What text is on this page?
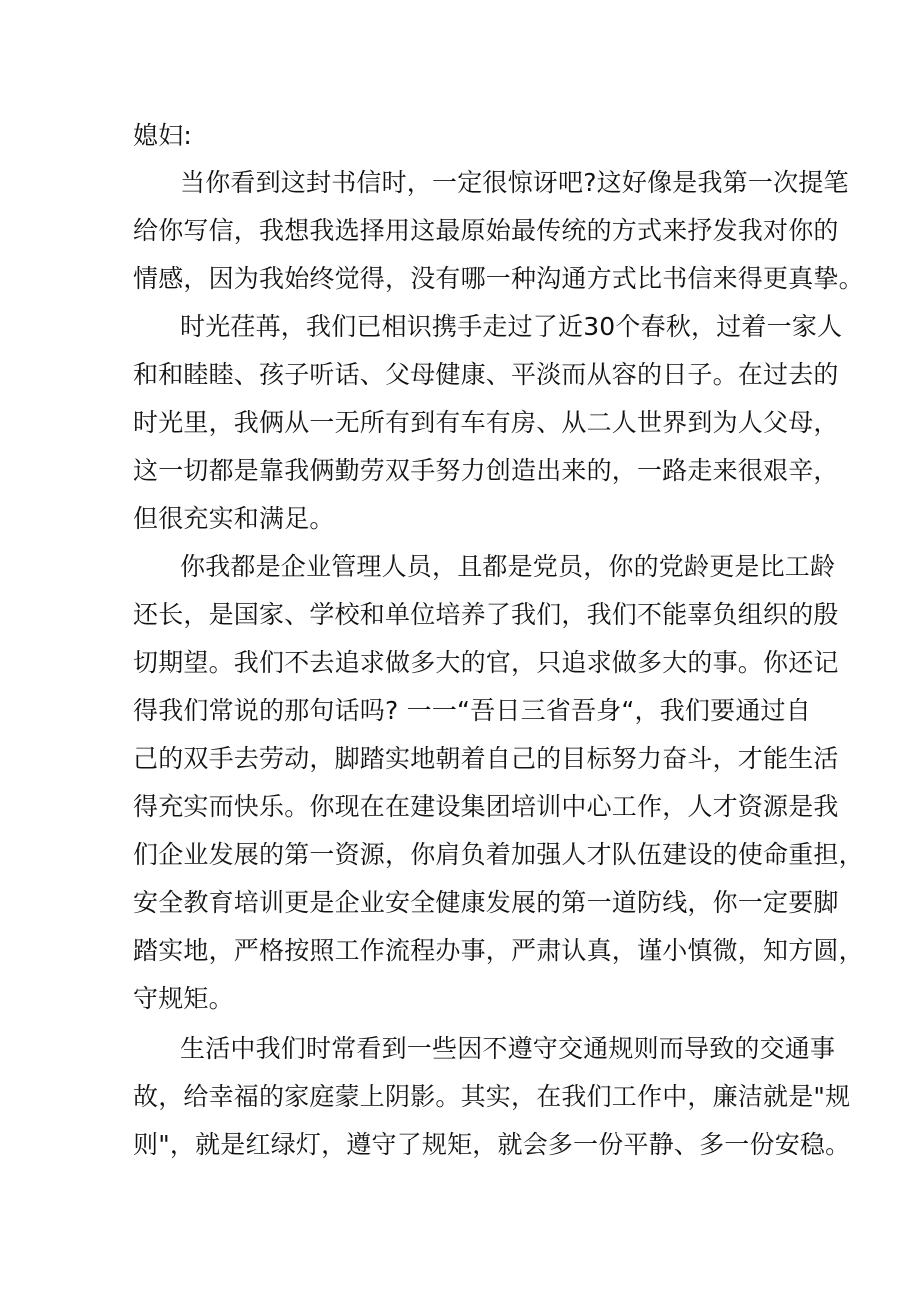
媳妇:

当你看到这封书信时，一定很惊讶吧?这好像是我第一次提笔

给你写信，我想我选择用这最原始最传统的方式来抒发我对你的

情感，因为我始终觉得，没有哪一种沟通方式比书信来得更真挚。

时光荏苒，我们已相识携手走过了近30个春秋，过着一家人

和和睦睦、孩子听话、父母健康、平淡而从容的日子。在过去的

时光里，我俩从一无所有到有车有房、从二人世界到为人父母，

这一切都是靠我俩勤劳双手努力创造出来的，一路走来很艰辛，

但很充实和满足。

你我都是企业管理人员，且都是党员，你的党龄更是比工龄

还长，是国家、学校和单位培养了我们，我们不能辜负组织的殷

切期望。我们不去追求做多大的官，只追求做多大的事。你还记

得我们常说的那句话吗? 一一“吾日三省吾身“，我们要通过自

己的双手去劳动，脚踏实地朝着自己的目标努力奋斗，才能生活

得充实而快乐。你现在在建设集团培训中心工作，人才资源是我

们企业发展的第一资源，你肩负着加强人才队伍建设的使命重担，

安全教育培训更是企业安全健康发展的第一道防线，你一定要脚

踏实地，严格按照工作流程办事，严肃认真，谨小慎微，知方圆，

守规矩。

生活中我们时常看到一些因不遵守交通规则而导致的交通事

故，给幸福的家庭蒙上阴影。其实，在我们工作中，廉洁就是"规

则"，就是红绿灯，遵守了规矩，就会多一份平静、多一份安稳。
